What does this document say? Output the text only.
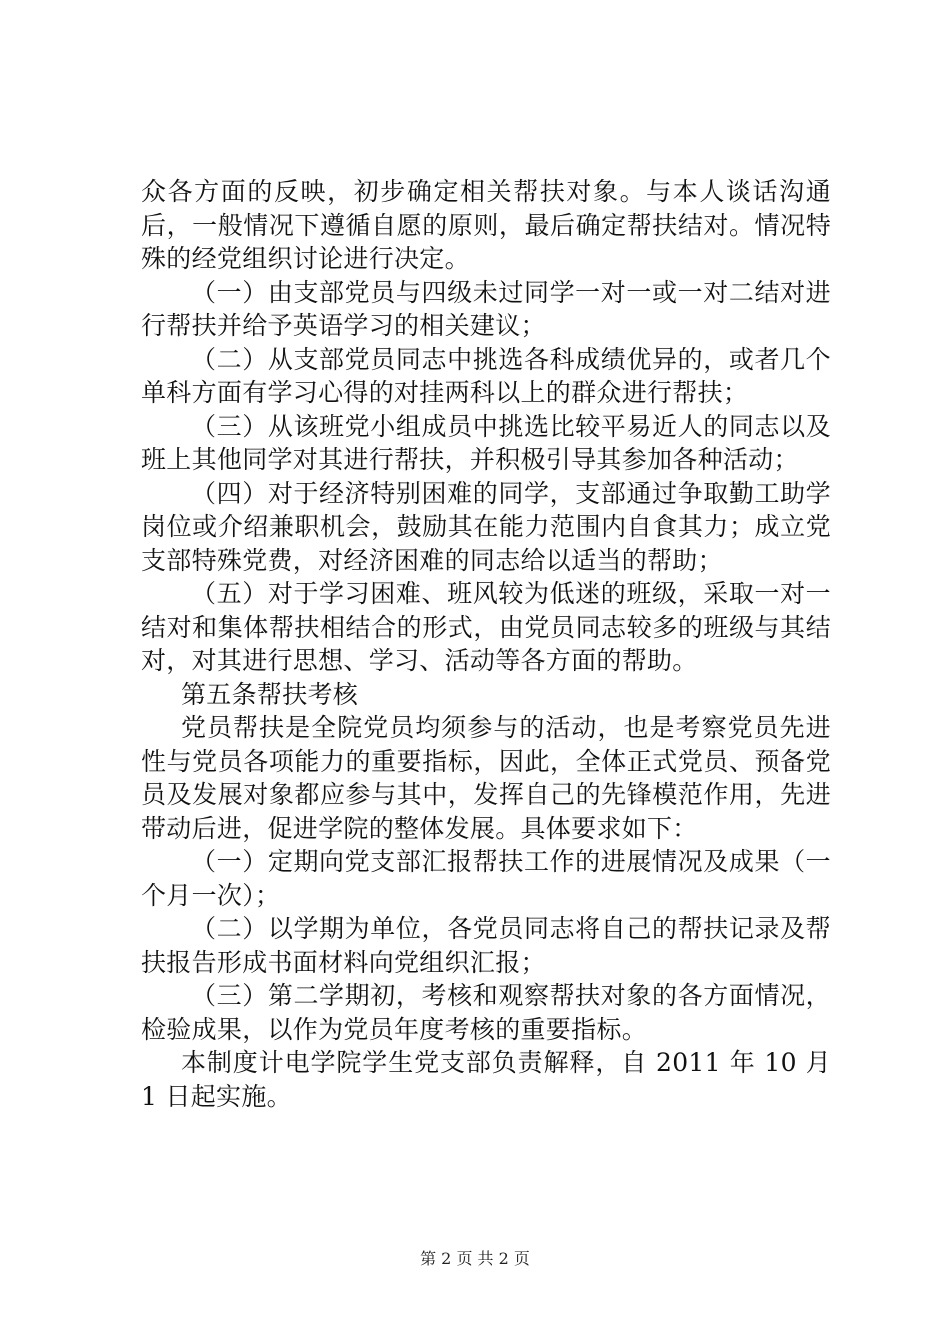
众各方面的反映，初步确定相关帮扶对象。与本人谈话沟通后，一般情况下遵循自愿的原则，最后确定帮扶结对。情况特殊的经党组织讨论进行决定。

（一）由支部党员与四级未过同学一对一或一对二结对进行帮扶并给予英语学习的相关建议；

（二）从支部党员同志中挑选各科成绩优异的，或者几个单科方面有学习心得的对挂两科以上的群众进行帮扶；

（三）从该班党小组成员中挑选比较平易近人的同志以及班上其他同学对其进行帮扶，并积极引导其参加各种活动；

（四）对于经济特别困难的同学，支部通过争取勤工助学岗位或介绍兼职机会，鼓励其在能力范围内自食其力；成立党支部特殊党费，对经济困难的同志给以适当的帮助；

（五）对于学习困难、班风较为低迷的班级，采取一对一结对和集体帮扶相结合的形式，由党员同志较多的班级与其结对，对其进行思想、学习、活动等各方面的帮助。

第五条帮扶考核

党员帮扶是全院党员均须参与的活动，也是考察党员先进性与党员各项能力的重要指标，因此，全体正式党员、预备党员及发展对象都应参与其中，发挥自己的先锋模范作用，先进带动后进，促进学院的整体发展。具体要求如下：

（一）定期向党支部汇报帮扶工作的进展情况及成果（一个月一次）；

（二）以学期为单位，各党员同志将自己的帮扶记录及帮扶报告形成书面材料向党组织汇报；

（三）第二学期初，考核和观察帮扶对象的各方面情况，检验成果，以作为党员年度考核的重要指标。

本制度计电学院学生党支部负责解释，自 2011 年 10 月 1 日起实施。

第 2 页 共 2 页
